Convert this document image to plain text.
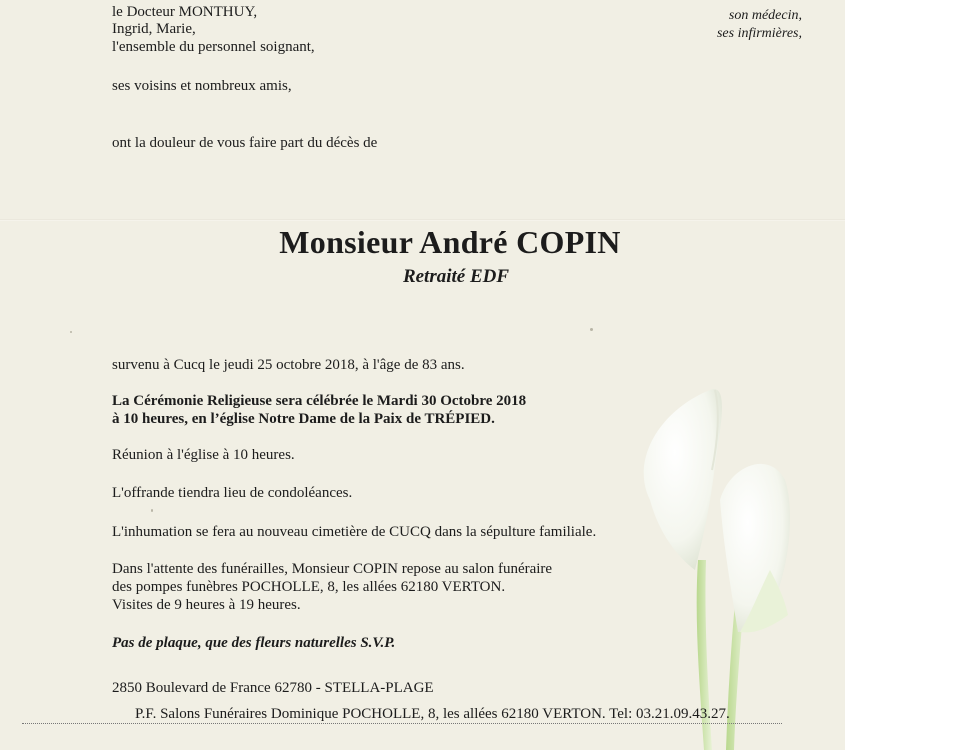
le Docteur MONTHUY,

Ingrid, Marie,

l'ensemble du personnel soignant,

son médecin,

ses infirmières,

ses voisins et nombreux amis,

ont la douleur de vous faire part du décès de

Monsieur André COPIN

Retraité EDF

survenu à Cucq le jeudi 25 octobre 2018, à l'âge de 83 ans.

La Cérémonie Religieuse sera célébrée le Mardi 30 Octobre 2018

à 10 heures, en l’église Notre Dame de la Paix de TRÉPIED.

Réunion à l'église à 10 heures.

L'offrande tiendra lieu de condoléances.

L'inhumation se fera au nouveau cimetière de CUCQ dans la sépulture familiale.

Dans l'attente des funérailles, Monsieur COPIN repose au salon funéraire

des pompes funèbres POCHOLLE, 8, les allées 62180 VERTON.

Visites de 9 heures à 19 heures.

Pas de plaque, que des fleurs naturelles S.V.P.

2850 Boulevard de France 62780 - STELLA-PLAGE

P.F. Salons Funéraires Dominique POCHOLLE, 8, les allées 62180 VERTON. Tel: 03.21.09.43.27.
